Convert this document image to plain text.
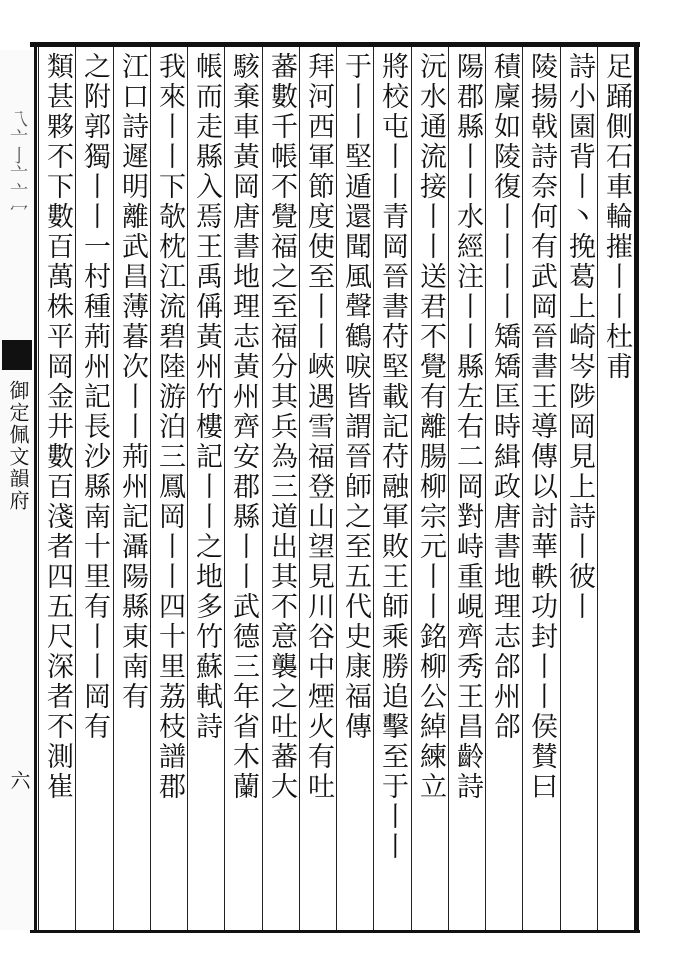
乁亠亅亠亠冖
御定佩文韻府
六
足踊側石車輪摧丨丨杜甫
詩小園背丨丶挽葛上崎岑陟岡見上詩丨彼丨
陵揚戟詩奈何有武岡晉書王導傳以討華軼功封丨丨侯賛曰
積廩如陵復丨丨丨丨矯矯匡時緝政唐書地理志郃州郃
陽郡縣丨丨水經注丨丨縣左右二岡對峙重峴齊秀王昌齡詩
沅水通流接丨丨送君不覺有離腸柳宗元丨丨銘柳公綽練立
將校屯丨丨青岡晉書苻堅載記苻融軍敗王師乘勝追擊至于丨丨
于丨丨堅遁還聞風聲鶴唳皆謂晉師之至五代史康福傳
拜河西軍節度使至丨丨峽遇雪福登山望見川谷中煙火有吐
蕃數千帳不覺福之至福分其兵為三道出其不意襲之吐蕃大
駭棄車黃岡唐書地理志黃州齊安郡縣丨丨武德三年省木蘭
帳而走縣入焉王禹偁黃州竹樓記丨丨之地多竹蘇軾詩
我來丨丨下欹枕江流碧陸游泊三鳳岡丨丨四十里荔枝譜郡
江口詩遲明離武昌薄暮次丨丨荊州記灄陽縣東南有
之附郭獨丨丨一村種荊州記長沙縣南十里有丨丨岡有
類甚夥不下數百萬株平岡金井數百淺者四五尺深者不測崔
